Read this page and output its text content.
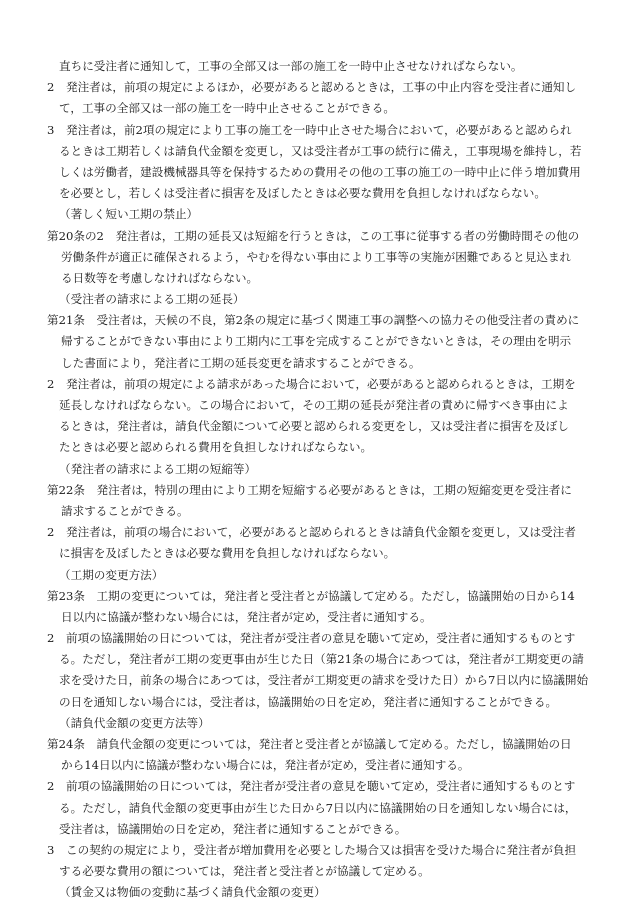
直ちに受注者に通知して，工事の全部又は一部の施工を一時中止させなければならない。
2　発注者は，前項の規定によるほか，必要があると認めるときは，工事の中止内容を受注者に通知し
て，工事の全部又は一部の施工を一時中止させることができる。
3　発注者は，前2項の規定により工事の施工を一時中止させた場合において，必要があると認められ
るときは工期若しくは請負代金額を変更し，又は受注者が工事の続行に備え，工事現場を維持し，若
しくは労働者，建設機械器具等を保持するための費用その他の工事の施工の一時中止に伴う増加費用
を必要とし，若しくは受注者に損害を及ぼしたときは必要な費用を負担しなければならない。
（著しく短い工期の禁止）
第20条の2　発注者は，工期の延長又は短縮を行うときは，この工事に従事する者の労働時間その他の
労働条件が適正に確保されるよう，やむを得ない事由により工事等の実施が困難であると見込まれ
る日数等を考慮しなければならない。
（受注者の請求による工期の延長）
第21条　受注者は，天候の不良，第2条の規定に基づく関連工事の調整への協力その他受注者の責めに
帰することができない事由により工期内に工事を完成することができないときは，その理由を明示
した書面により，発注者に工期の延長変更を請求することができる。
2　発注者は，前項の規定による請求があった場合において，必要があると認められるときは，工期を
延長しなければならない。この場合において，その工期の延長が発注者の責めに帰すべき事由によ
るときは，発注者は，請負代金額について必要と認められる変更をし，又は受注者に損害を及ぼし
たときは必要と認められる費用を負担しなければならない。
（発注者の請求による工期の短縮等）
第22条　発注者は，特別の理由により工期を短縮する必要があるときは，工期の短縮変更を受注者に
請求することができる。
2　発注者は，前項の場合において，必要があると認められるときは請負代金額を変更し，又は受注者
に損害を及ぼしたときは必要な費用を負担しなければならない。
（工期の変更方法）
第23条　工期の変更については，発注者と受注者とが協議して定める。ただし，協議開始の日から14
日以内に協議が整わない場合には，発注者が定め，受注者に通知する。
2　前項の協議開始の日については，発注者が受注者の意見を聴いて定め，受注者に通知するものとす
る。ただし，発注者が工期の変更事由が生じた日（第21条の場合にあつては，発注者が工期変更の請
求を受けた日，前条の場合にあつては，受注者が工期変更の請求を受けた日）から7日以内に協議開始
の日を通知しない場合には，受注者は，協議開始の日を定め，発注者に通知することができる。
（請負代金額の変更方法等）
第24条　請負代金額の変更については，発注者と受注者とが協議して定める。ただし，協議開始の日
から14日以内に協議が整わない場合には，発注者が定め，受注者に通知する。
2　前項の協議開始の日については，発注者が受注者の意見を聴いて定め，受注者に通知するものとす
る。ただし，請負代金額の変更事由が生じた日から7日以内に協議開始の日を通知しない場合には，
受注者は，協議開始の日を定め，発注者に通知することができる。
3　この契約の規定により，受注者が増加費用を必要とした場合又は損害を受けた場合に発注者が負担
する必要な費用の額については，発注者と受注者とが協議して定める。
（賃金又は物価の変動に基づく請負代金額の変更）
